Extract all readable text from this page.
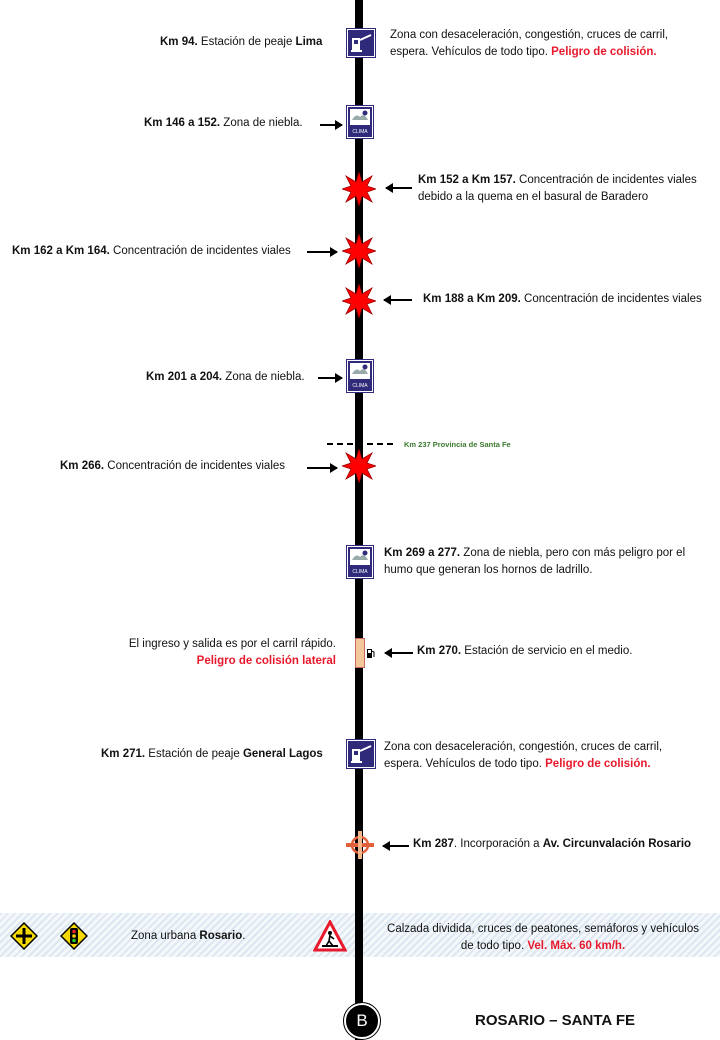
Km 94. Estación de peaje Lima
Zona con desaceleración, congestión, cruces de carril,
espera. Vehículos de todo tipo. Peligro de colisión.
Km 146 a 152. Zona de niebla.
CLIMA
Km 152 a Km 157. Concentración de incidentes viales
debido a la quema en el basural de Baradero
Km 162 a Km 164. Concentración de incidentes viales
Km 188 a Km 209. Concentración de incidentes viales
Km 201 a 204. Zona de niebla.
CLIMA
Km 237 Provincia de Santa Fe
Km 266. Concentración de incidentes viales
CLIMA
Km 269 a 277. Zona de niebla, pero con más peligro por el
humo que generan los hornos de ladrillo.
El ingreso y salida es por el carril rápido.
Peligro de colisión lateral
Km 270. Estación de servicio en el medio.
Km 271. Estación de peaje General Lagos
Zona con desaceleración, congestión, cruces de carril,
espera. Vehículos de todo tipo. Peligro de colisión.
Km 287. Incorporación a Av. Circunvalación Rosario
Zona urbana Rosario.
Calzada dividida, cruces de peatones, semáforos y vehículos
de todo tipo. Vel. Máx. 60 km/h.
B	ROSARIO – SANTA FE
